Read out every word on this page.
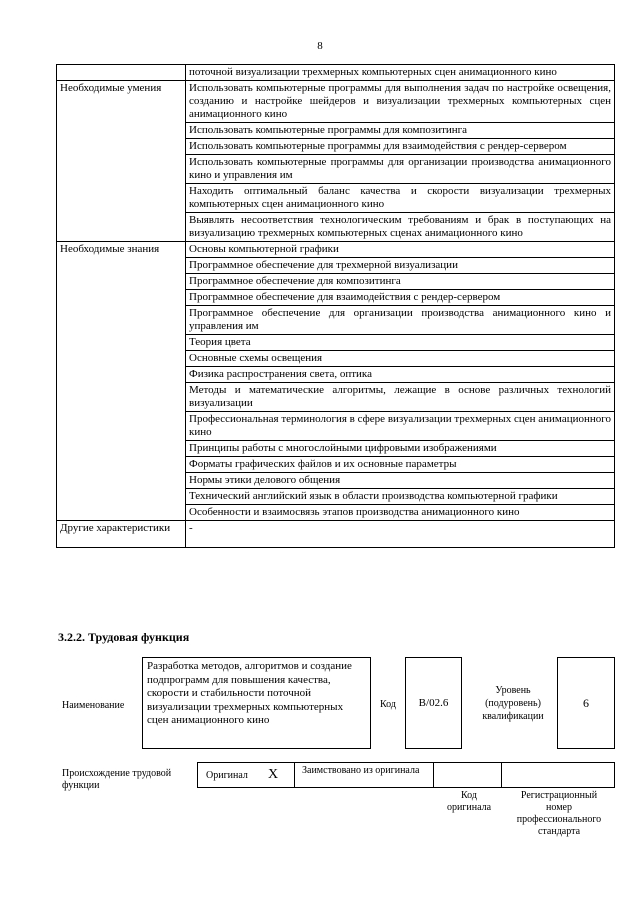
8
	поточной визуализации трехмерных компьютерных сцен анимационного кино
Необходимые умения	Использовать компьютерные программы для выполнения задач по настройке освещения, созданию и настройке шейдеров и визуализации трехмерных компьютерных сцен анимационного кино
	Использовать компьютерные программы для композитинга
	Использовать компьютерные программы для взаимодействия с рендер-сервером
	Использовать компьютерные программы для организации производства анимационного кино и управления им
	Находить оптимальный баланс качества и скорости визуализации трехмерных компьютерных сцен анимационного кино
	Выявлять несоответствия технологическим требованиям и брак в поступающих на визуализацию трехмерных компьютерных сценах анимационного кино
Необходимые знания	Основы компьютерной графики
	Программное обеспечение для трехмерной визуализации
	Программное обеспечение для композитинга
	Программное обеспечение для взаимодействия с рендер-сервером
	Программное обеспечение для организации производства анимационного кино и управления им
	Теория цвета
	Основные схемы освещения
	Физика распространения света, оптика
	Методы и математические алгоритмы, лежащие в основе различных технологий визуализации
	Профессиональная терминология в сфере визуализации трехмерных сцен анимационного кино
	Принципы работы с многослойными цифровыми изображениями
	Форматы графических файлов и их основные параметры
	Нормы этики делового общения
	Технический английский язык в области производства компьютерной графики
	Особенности и взаимосвязь этапов производства анимационного кино
Другие характеристики	-
3.2.2. Трудовая функция
Наименование
Разработка методов, алгоритмов и создание подпрограмм для повышения качества, скорости и стабильности поточной визуализации трехмерных компьютерных сцен анимационного кино
Код	B/02.6
Уровень (подуровень) квалификации
6
Происхождение трудовой функции
Оригинал X Заимствовано из оригинала
Код оригинала
Регистрационный номер профессионального стандарта
